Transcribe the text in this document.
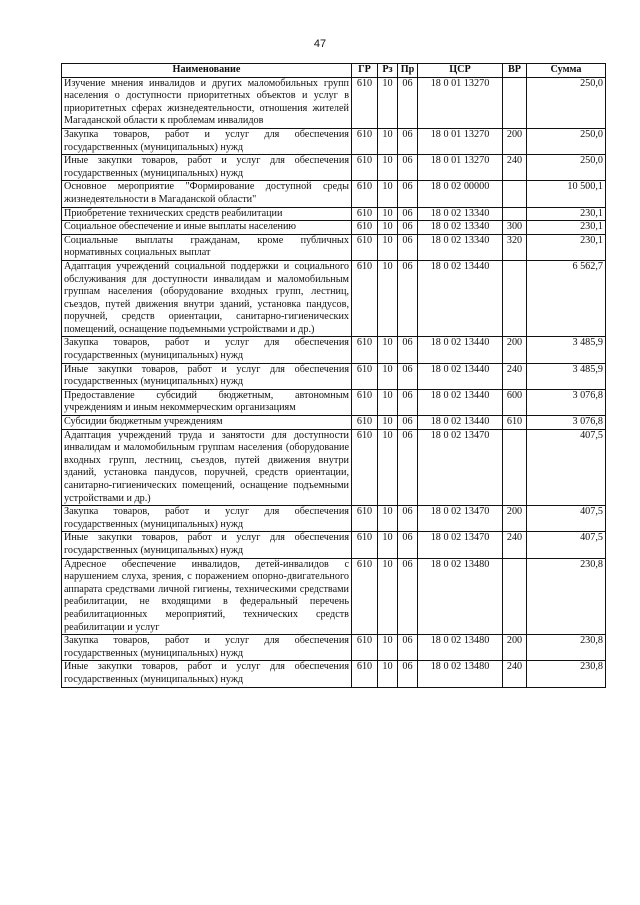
47
Наименование	ГР	Рз	Пр	ЦСР	ВР	Сумма
Изучение мнения инвалидов и других маломобильных групп населения о доступности приоритетных объектов и услуг в приоритетных сферах жизнедеятельности, отношения жителей Магаданской области к проблемам инвалидов	610	10	06	18 0 01 13270		250,0
Закупка товаров, работ и услуг для обеспечения государственных (муниципальных) нужд	610	10	06	18 0 01 13270	200	250,0
Иные закупки товаров, работ и услуг для обеспечения государственных (муниципальных) нужд	610	10	06	18 0 01 13270	240	250,0
Основное мероприятие "Формирование доступной среды жизнедеятельности в Магаданской области"	610	10	06	18 0 02 00000		10 500,1
Приобретение технических средств реабилитации	610	10	06	18 0 02 13340		230,1
Социальное обеспечение и иные выплаты населению	610	10	06	18 0 02 13340	300	230,1
Социальные выплаты гражданам, кроме публичных нормативных социальных выплат	610	10	06	18 0 02 13340	320	230,1
Адаптация учреждений социальной поддержки и социального обслуживания для доступности инвалидам и маломобильным группам населения (оборудование входных групп, лестниц, съездов, путей движения внутри зданий, установка пандусов, поручней, средств ориентации, санитарно-гигиенических помещений, оснащение подъемными устройствами и др.)	610	10	06	18 0 02 13440		6 562,7
Закупка товаров, работ и услуг для обеспечения государственных (муниципальных) нужд	610	10	06	18 0 02 13440	200	3 485,9
Иные закупки товаров, работ и услуг для обеспечения государственных (муниципальных) нужд	610	10	06	18 0 02 13440	240	3 485,9
Предоставление субсидий бюджетным, автономным учреждениям и иным некоммерческим организациям	610	10	06	18 0 02 13440	600	3 076,8
Субсидии бюджетным учреждениям	610	10	06	18 0 02 13440	610	3 076,8
Адаптация учреждений труда и занятости для доступности инвалидам и маломобильным группам населения (оборудование входных групп, лестниц, съездов, путей движения внутри зданий, установка пандусов, поручней, средств ориентации, санитарно-гигиенических помещений, оснащение подъемными устройствами и др.)	610	10	06	18 0 02 13470		407,5
Закупка товаров, работ и услуг для обеспечения государственных (муниципальных) нужд	610	10	06	18 0 02 13470	200	407,5
Иные закупки товаров, работ и услуг для обеспечения государственных (муниципальных) нужд	610	10	06	18 0 02 13470	240	407,5
Адресное обеспечение инвалидов, детей-инвалидов с нарушением слуха, зрения, с поражением опорно-двигательного аппарата средствами личной гигиены, техническими средствами реабилитации, не входящими в федеральный перечень реабилитационных мероприятий, технических средств реабилитации и услуг	610	10	06	18 0 02 13480		230,8
Закупка товаров, работ и услуг для обеспечения государственных (муниципальных) нужд	610	10	06	18 0 02 13480	200	230,8
Иные закупки товаров, работ и услуг для обеспечения государственных (муниципальных) нужд	610	10	06	18 0 02 13480	240	230,8
